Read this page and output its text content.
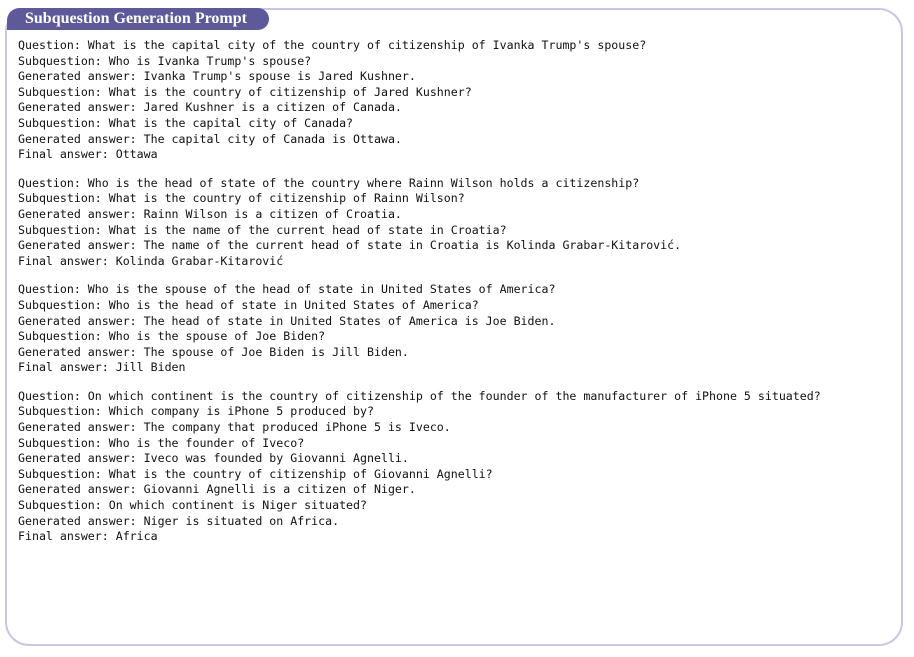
Subquestion Generation Prompt
Question: What is the capital city of the country of citizenship of Ivanka Trump's spouse?
Subquestion: Who is Ivanka Trump's spouse?
Generated answer: Ivanka Trump's spouse is Jared Kushner.
Subquestion: What is the country of citizenship of Jared Kushner?
Generated answer: Jared Kushner is a citizen of Canada.
Subquestion: What is the capital city of Canada?
Generated answer: The capital city of Canada is Ottawa.
Final answer: Ottawa
Question: Who is the head of state of the country where Rainn Wilson holds a citizenship?
Subquestion: What is the country of citizenship of Rainn Wilson?
Generated answer: Rainn Wilson is a citizen of Croatia.
Subquestion: What is the name of the current head of state in Croatia?
Generated answer: The name of the current head of state in Croatia is Kolinda Grabar-Kitarović.
Final answer: Kolinda Grabar-Kitarović
Question: Who is the spouse of the head of state in United States of America?
Subquestion: Who is the head of state in United States of America?
Generated answer: The head of state in United States of America is Joe Biden.
Subquestion: Who is the spouse of Joe Biden?
Generated answer: The spouse of Joe Biden is Jill Biden.
Final answer: Jill Biden
Question: On which continent is the country of citizenship of the founder of the manufacturer of iPhone 5 situated?
Subquestion: Which company is iPhone 5 produced by?
Generated answer: The company that produced iPhone 5 is Iveco.
Subquestion: Who is the founder of Iveco?
Generated answer: Iveco was founded by Giovanni Agnelli.
Subquestion: What is the country of citizenship of Giovanni Agnelli?
Generated answer: Giovanni Agnelli is a citizen of Niger.
Subquestion: On which continent is Niger situated?
Generated answer: Niger is situated on Africa.
Final answer: Africa
